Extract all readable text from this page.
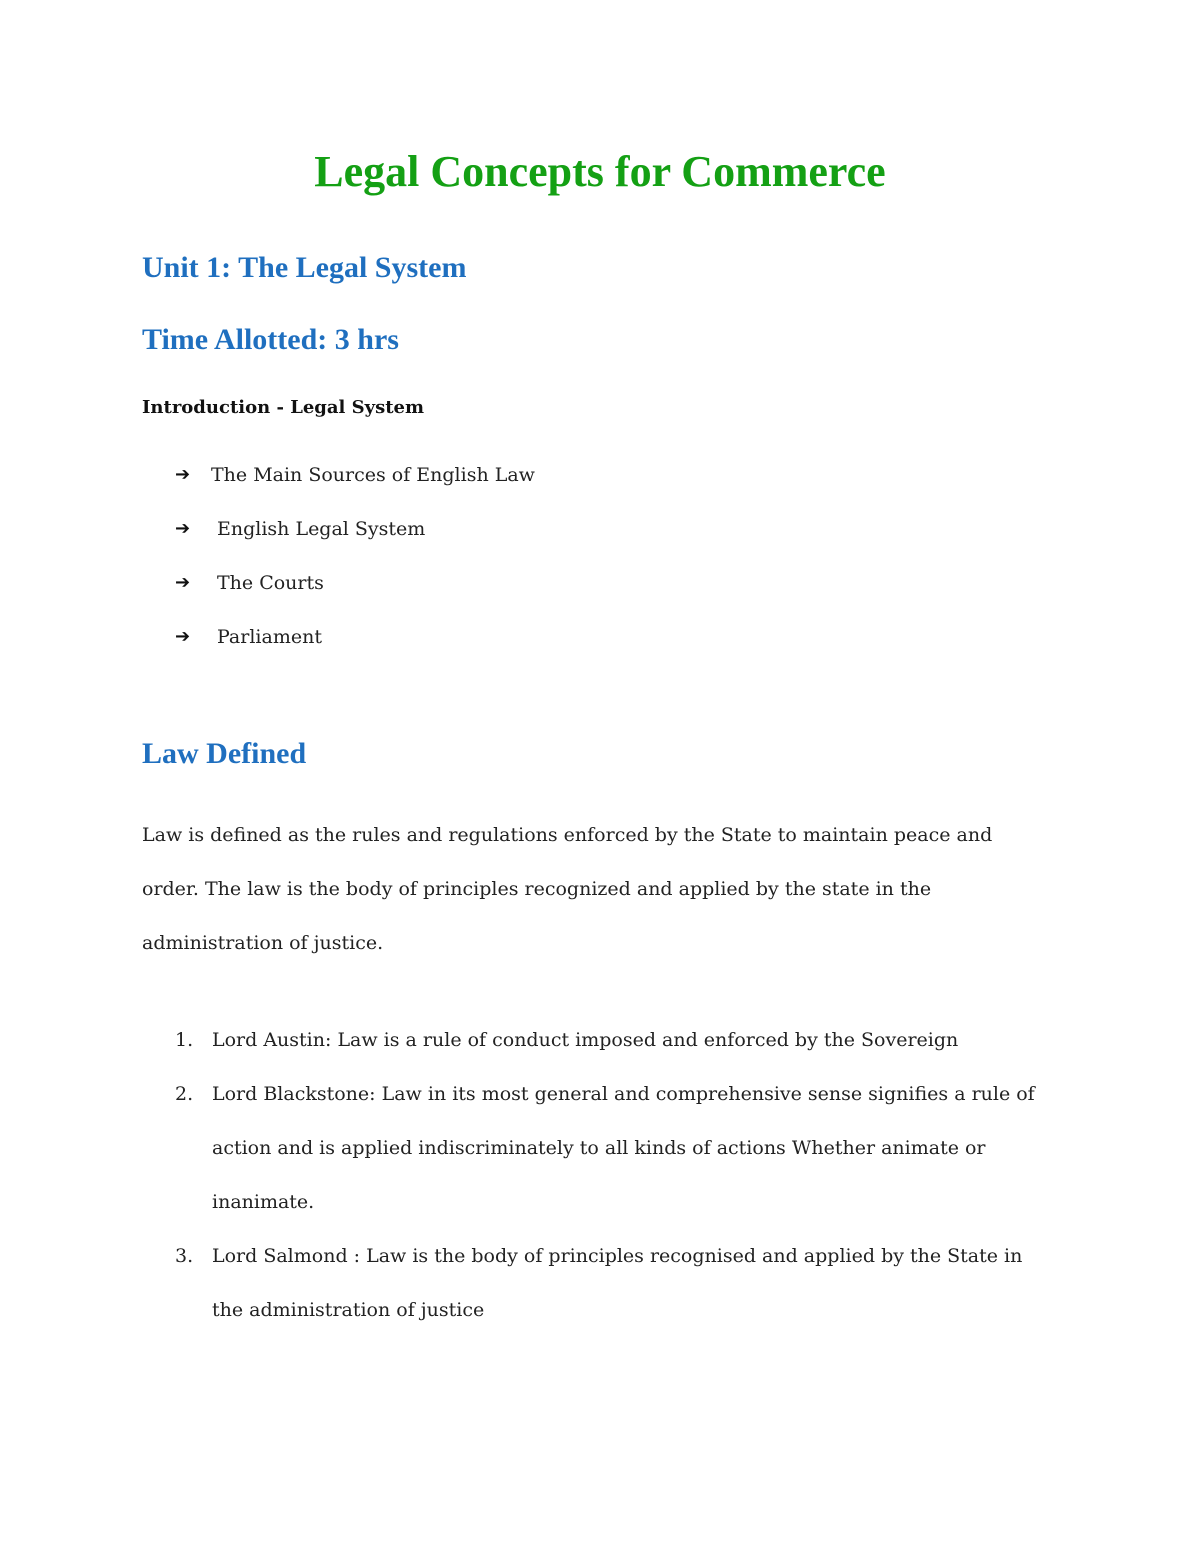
Legal Concepts for Commerce
Unit 1: The Legal System
Time Allotted: 3 hrs

Introduction - Legal System

➔	The Main Sources of English Law
➔	English Legal System
➔	The Courts
➔	Parliament
Law Defined

Law is defined as the rules and regulations enforced by the State to maintain peace and order. The law is the body of principles recognized and applied by the state in the administration of justice.

1. Lord Austin: Law is a rule of conduct imposed and enforced by the Sovereign
2. Lord Blackstone: Law in its most general and comprehensive sense signifies a rule of action and is applied indiscriminately to all kinds of actions Whether animate or inanimate.
3. Lord Salmond : Law is the body of principles recognised and applied by the State in the administration of justice
